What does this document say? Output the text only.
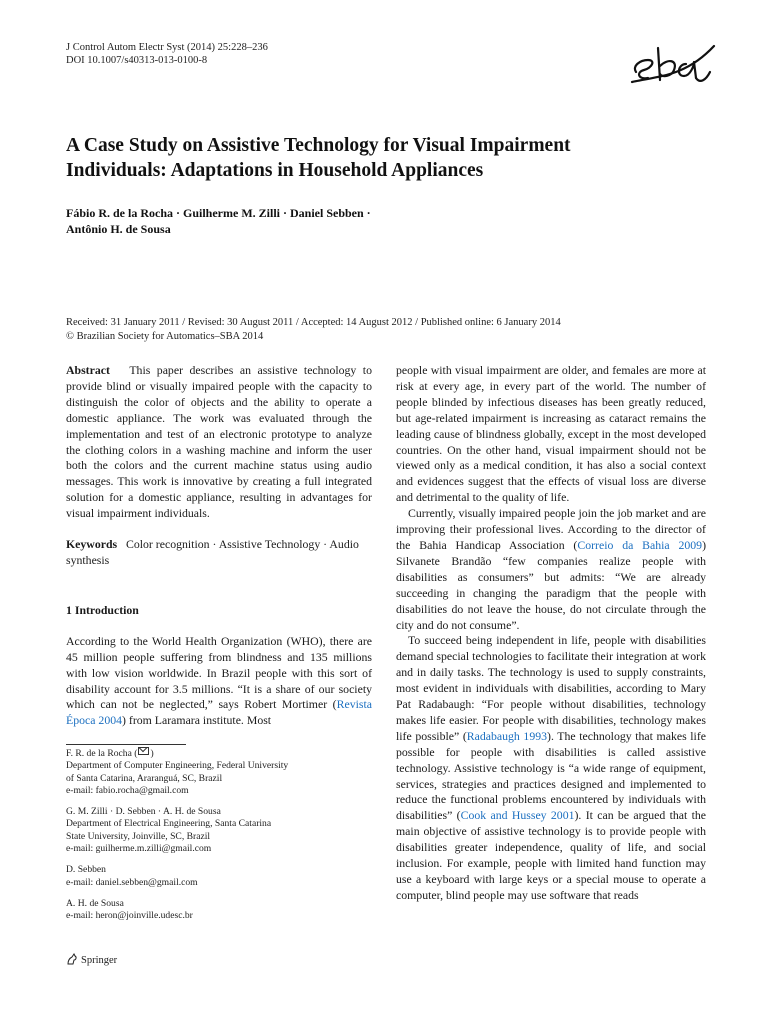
J Control Autom Electr Syst (2014) 25:228–236
DOI 10.1007/s40313-013-0100-8
A Case Study on Assistive Technology for Visual Impairment
Individuals: Adaptations in Household Appliances
Fábio R. de la Rocha · Guilherme M. Zilli · Daniel Sebben ·
Antônio H. de Sousa
Received: 31 January 2011 / Revised: 30 August 2011 / Accepted: 14 August 2012 / Published online: 6 January 2014
© Brazilian Society for Automatics–SBA 2014

Abstract This paper describes an assistive technology to provide blind or visually impaired people with the capacity to distinguish the color of objects and the ability to operate a domestic appliance. The work was evaluated through the implementation and test of an electronic prototype to analyze the clothing colors in a washing machine and inform the user both the colors and the current machine status using audio messages. This work is innovative by creating a full integrated solution for a domestic appliance, resulting in advantages for visual impairment individuals.

Keywords Color recognition · Assistive Technology · Audio synthesis

1 Introduction

According to the World Health Organization (WHO), there are 45 million people suffering from blindness and 135 millions with low vision worldwide. In Brazil people with this sort of disability account for 3.5 millions. “It is a share of our society which can not be neglected,” says Robert Mortimer (Revista Época 2004) from Laramara institute. Most

F. R. de la Rocha ( )
Department of Computer Engineering, Federal University
of Santa Catarina, Araranguá, SC, Brazil
e-mail: fabio.rocha@gmail.com
G. M. Zilli · D. Sebben · A. H. de Sousa
Department of Electrical Engineering, Santa Catarina
State University, Joinville, SC, Brazil
e-mail: guilherme.m.zilli@gmail.com
D. Sebben
e-mail: daniel.sebben@gmail.com
A. H. de Sousa
e-mail: heron@joinville.udesc.br

people with visual impairment are older, and females are more at risk at every age, in every part of the world. The number of people blinded by infectious diseases has been greatly reduced, but age-related impairment is increasing as cataract remains the leading cause of blindness globally, except in the most developed countries. On the other hand, visual impairment should not be viewed only as a medical condition, it has also a social context and evidences suggest that the effects of visual loss are diverse and detrimental to the quality of life.

Currently, visually impaired people join the job market and are improving their professional lives. According to the director of the Bahia Handicap Association (Correio da Bahia 2009) Silvanete Brandão “few companies realize people with disabilities as consumers” but admits: “We are already succeeding in changing the paradigm that the people with disabilities do not leave the house, do not circulate through the city and do not consume”.

To succeed being independent in life, people with disabilities demand special technologies to facilitate their integration at work and in daily tasks. The technology is used to supply constraints, most evident in individuals with disabilities, according to Mary Pat Radabaugh: “For people without disabilities, technology makes life easier. For people with disabilities, technology makes life possible” (Radabaugh 1993). The technology that makes life possible for people with disabilities is called assistive technology. Assistive technology is “a wide range of equipment, services, strategies and practices designed and implemented to reduce the functional problems encountered by individuals with disabilities” (Cook and Hussey 2001). It can be argued that the main objective of assistive technology is to provide people with disabilities greater independence, quality of life, and social inclusion. For example, people with limited hand function may use a keyboard with large keys or a special mouse to operate a computer, blind people may use software that reads

Springer
